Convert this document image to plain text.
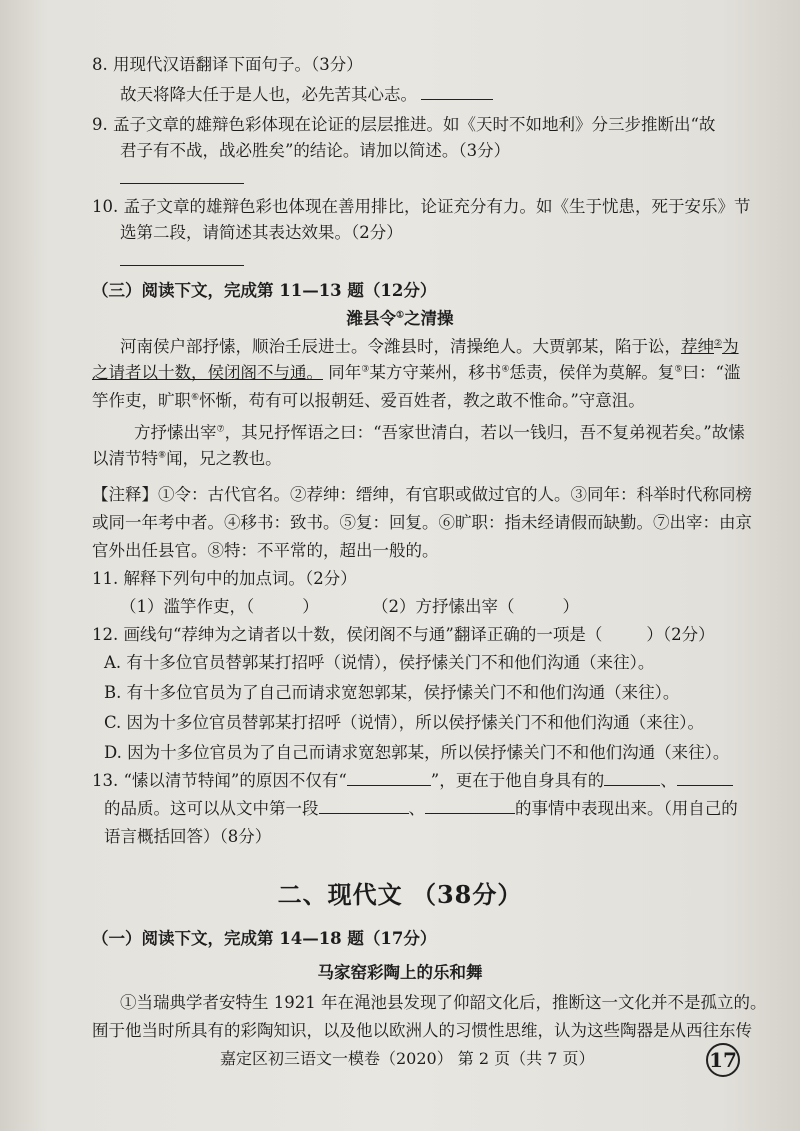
8. 用现代汉语翻译下面句子。（3分）
故天将降大任于是人也，必先苦其心志。
9. 孟子文章的雄辩色彩体现在论证的层层推进。如《天时不如地利》分三步推断出“故
君子有不战，战必胜矣”的结论。请加以简述。（3分）
10. 孟子文章的雄辩色彩也体现在善用排比，论证充分有力。如《生于忧患，死于安乐》节
选第二段，请简述其表达效果。（2分）
（三）阅读下文，完成第 11—13 题（12分）
潍县令①之清操
河南侯户部抒愫，顺治壬辰进士。令潍县时，清操绝人。大贾郭某，陷于讼，荐绅②为
之请者以十数，侯闭阁不与通。 同年③某方守莱州，移书④恁责，侯佯为莫解。复⑤曰：“滥
竽作吏，旷职⑥怀惭，苟有可以报朝廷、爱百姓者，教之敢不惟命。”守意沮。
方抒愫出宰⑦，其兄抒恽语之曰：“吾家世清白，若以一钱归，吾不复弟视若矣。”故愫
以清节特⑧闻，兄之教也。
【注释】①令：古代官名。②荐绅：缙绅，有官职或做过官的人。③同年：科举时代称同榜
或同一年考中者。④移书：致书。⑤复：回复。⑥旷职：指未经请假而缺勤。⑦出宰：由京
官外出任县官。⑧特：不平常的，超出一般的。
11. 解释下列句中的加点词。（2分）
（1）滥竽作吏，（	）	（2）方抒愫出宰（	）
12. 画线句“荐绅为之请者以十数，侯闭阁不与通”翻译正确的一项是（	）（2分）
A. 有十多位官员替郭某打招呼（说情），侯抒愫关门不和他们沟通（来往）。
B. 有十多位官员为了自己而请求宽恕郭某，侯抒愫关门不和他们沟通（来往）。
C. 因为十多位官员替郭某打招呼（说情），所以侯抒愫关门不和他们沟通（来往）。
D. 因为十多位官员为了自己而请求宽恕郭某，所以侯抒愫关门不和他们沟通（来往）。
13. “愫以清节特闻”的原因不仅有“	”，更在于他自身具有的	、
的品质。这可以从文中第一段	、	的事情中表现出来。（用自己的
语言概括回答）（8分）
二、现代文 （38分）
（一）阅读下文，完成第 14—18 题（17分）
马家窑彩陶上的乐和舞
①当瑞典学者安特生 1921 年在渑池县发现了仰韶文化后，推断这一文化并不是孤立的。
囿于他当时所具有的彩陶知识，以及他以欧洲人的习惯性思维，认为这些陶器是从西往东传
嘉定区初三语文一模卷（2020） 第 2 页（共 7 页）	17
